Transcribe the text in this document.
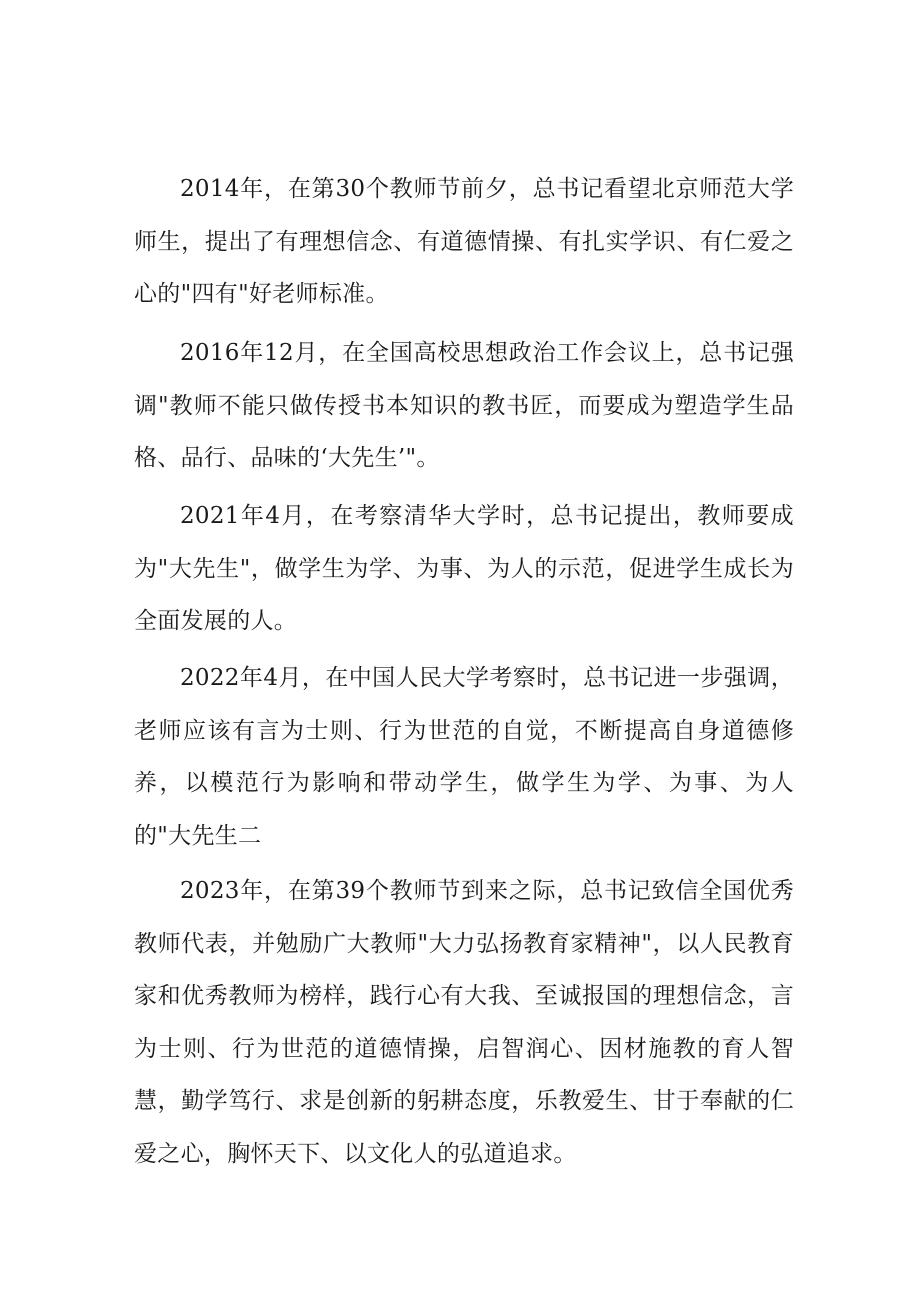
2014年，在第30个教师节前夕，总书记看望北京师范大学师生，提出了有理想信念、有道德情操、有扎实学识、有仁爱之心的"四有"好老师标准。

2016年12月，在全国高校思想政治工作会议上，总书记强调"教师不能只做传授书本知识的教书匠，而要成为塑造学生品格、品行、品味的‘大先生’"。

2021年4月，在考察清华大学时，总书记提出，教师要成为"大先生"，做学生为学、为事、为人的示范，促进学生成长为全面发展的人。

2022年4月，在中国人民大学考察时，总书记进一步强调，老师应该有言为士则、行为世范的自觉，不断提高自身道德修养，以模范行为影响和带动学生，做学生为学、为事、为人的"大先生二

2023年，在第39个教师节到来之际，总书记致信全国优秀教师代表，并勉励广大教师"大力弘扬教育家精神"，以人民教育家和优秀教师为榜样，践行心有大我、至诚报国的理想信念，言为士则、行为世范的道德情操，启智润心、因材施教的育人智慧，勤学笃行、求是创新的躬耕态度，乐教爱生、甘于奉献的仁爱之心，胸怀天下、以文化人的弘道追求。
